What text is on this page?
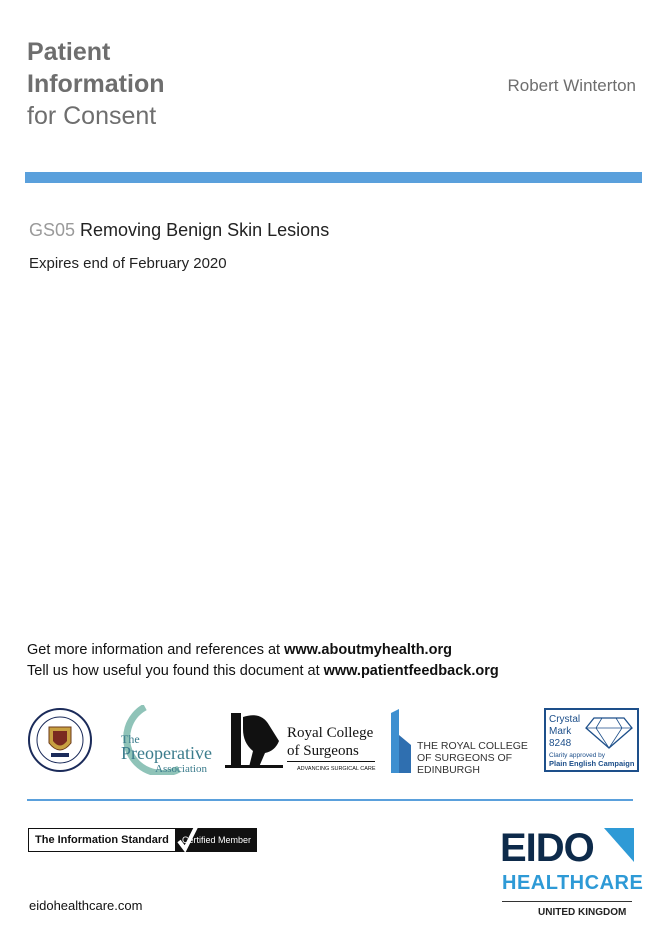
Patient
Information
for Consent
Robert Winterton
GS05 Removing Benign Skin Lesions
Expires end of February 2020
Get more information and references at www.aboutmyhealth.org
Tell us how useful you found this document at www.patientfeedback.org
The
Preoperative
Association
Royal College
of Surgeons
ADVANCING SURGICAL CARE
THE ROYAL COLLEGE
OF SURGEONS OF
EDINBURGH
Crystal
Mark
8248
Clarity approved by
Plain English Campaign
The Information Standard	Certified Member
eidohealthcare.com
EIDO
HEALTHCARE
UNITED KINGDOM
